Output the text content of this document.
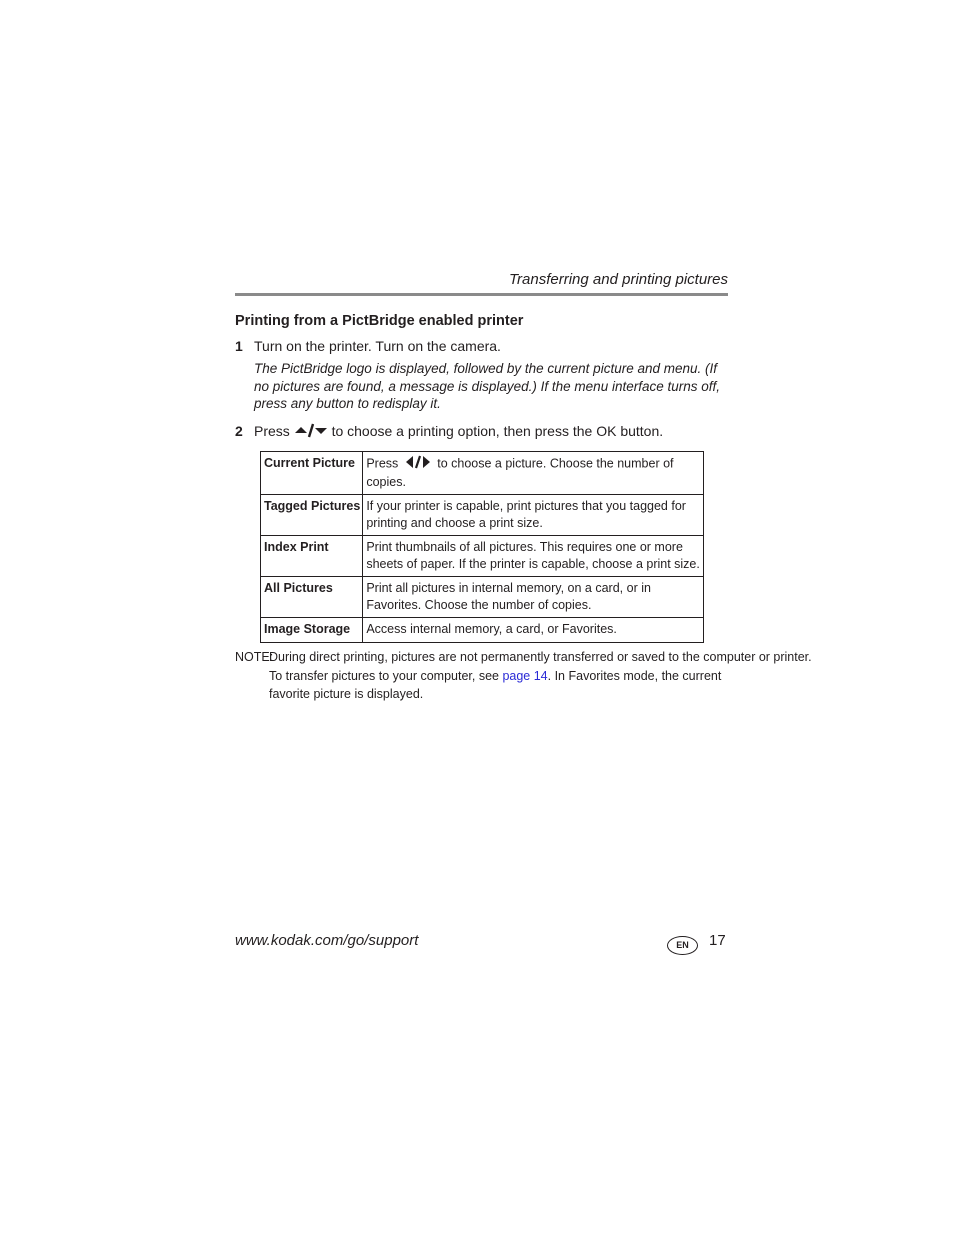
Transferring and printing pictures
Printing from a PictBridge enabled printer
1 Turn on the printer. Turn on the camera.
The PictBridge logo is displayed, followed by the current picture and menu. (If no pictures are found, a message is displayed.) If the menu interface turns off, press any button to redisplay it.
2 Press	to choose a printing option, then press the OK button.
Current Picture	Press to choose a picture. Choose the number of copies.
Tagged Pictures	If your printer is capable, print pictures that you tagged for printing and choose a print size.
Index Print	Print thumbnails of all pictures. This requires one or more sheets of paper. If the printer is capable, choose a print size.
All Pictures	Print all pictures in internal memory, on a card, or in Favorites. Choose the number of copies.
Image Storage	Access internal memory, a card, or Favorites.
NOTE:
During direct printing, pictures are not permanently transferred or saved to the computer or printer.
To transfer pictures to your computer, see page 14. In Favorites mode, the current favorite picture is displayed.
www.kodak.com/go/support	EN	17
